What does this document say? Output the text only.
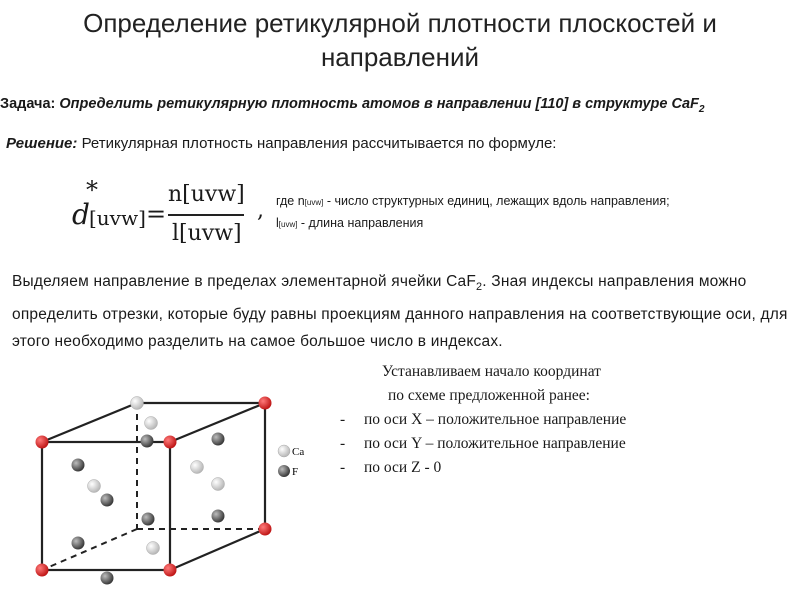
Определение ретикулярной плотности плоскостей и
направлений
Задача: Определить ретикулярную плотность атомов в направлении [110] в структуре CaF$_2$
Решение: Ретикулярная плотность направления рассчитывается по формуле:
d
*
[uvw] =
n[uvw]
l[uvw]
, где n[uvw] - число структурных единиц, лежащих вдоль направления;
l[uvw] - длина направления
Выделяем направление в пределах элементарной ячейки CaF$_2$. Зная индексы направления можно определить отрезки, которые буду равны проекциям данного направления на соответствующие оси, для этого необходимо разделить на самое большое число в индексах.
Устанавливаем начало координат
по схеме предложенной ранее:
- по оси X – положительное направление
- по оси Y – положительное направление
- по оси Z - 0
Ca
F
